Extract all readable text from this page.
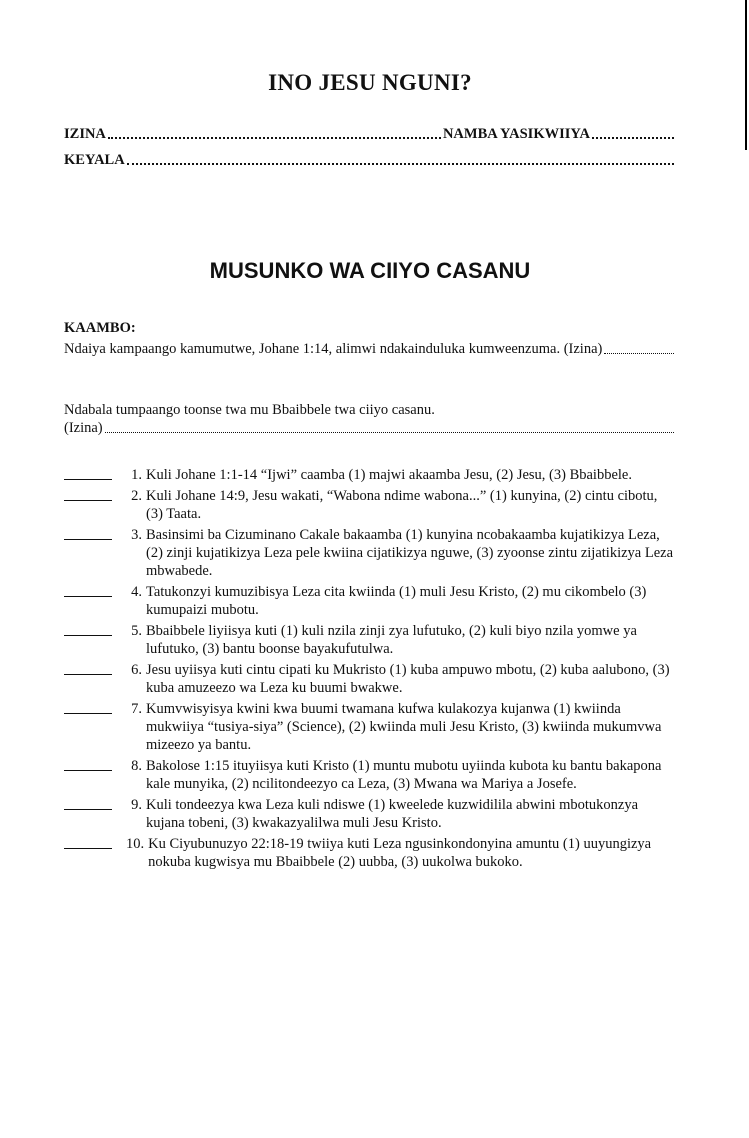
INO JESU NGUNI?
IZINA	NAMBA YASIKWIIYA
KEYALA
MUSUNKO WA CIIYO CASANU
KAAMBO:
Ndaiya kampaango kamumutwe, Johane 1:14, alimwi ndakainduluka kumweenzuma. (Izina)
Ndabala tumpaango toonse twa mu Bbaibbele twa ciiyo casanu.
(Izina)
1. Kuli Johane 1:1-14 “Ijwi” caamba (1) majwi akaamba Jesu, (2) Jesu, (3) Bbaibbele.
2. Kuli Johane 14:9, Jesu wakati, “Wabona ndime wabona...” (1) kunyina, (2) cintu cibotu, (3) Taata.
3. Basinsimi ba Cizuminano Cakale bakaamba (1) kunyina ncobakaamba kujatikizya Leza, (2) zinji kujatikizya Leza pele kwiina cijatikizya nguwe, (3) zyoonse zintu zijatikizya Leza mbwabede.
4. Tatukonzyi kumuzibisya Leza cita kwiinda (1) muli Jesu Kristo, (2) mu cikombelo (3) kumupaizi mubotu.
5. Bbaibbele liyiisya kuti (1) kuli nzila zinji zya lufutuko, (2) kuli biyo nzila yomwe ya lufutuko, (3) bantu boonse bayakufutulwa.
6. Jesu uyiisya kuti cintu cipati ku Mukristo (1) kuba ampuwo mbotu, (2) kuba aalubono, (3) kuba amuzeezo wa Leza ku buumi bwakwe.
7. Kumvwisyisya kwini kwa buumi twamana kufwa kulakozya kujanwa (1) kwiinda mukwiiya “tusiya-siya” (Science), (2) kwiinda muli Jesu Kristo, (3) kwiinda mukumvwa mizeezo ya bantu.
8. Bakolose 1:15 ituyiisya kuti Kristo (1) muntu mubotu uyiinda kubota ku bantu bakapona kale munyika, (2) ncilitondeezyo ca Leza, (3) Mwana wa Mariya a Josefe.
9. Kuli tondeezya kwa Leza kuli ndiswe (1) kweelede kuzwidilila abwini mbotukonzya kujana tobeni, (3) kwakazyalilwa muli Jesu Kristo.
10. Ku Ciyubunuzyo 22:18-19 twiiya kuti Leza ngusinkondonyina amuntu (1) uuyungizya nokuba kugwisya mu Bbaibbele (2) uubba, (3) uukolwa bukoko.
